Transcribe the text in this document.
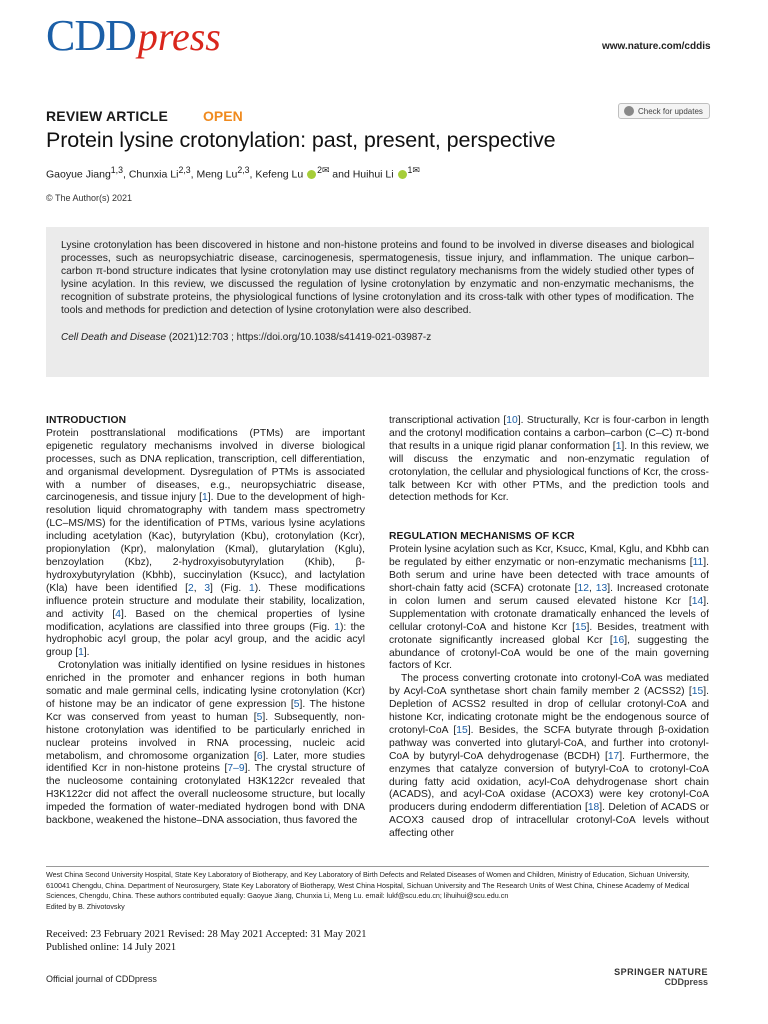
CDDpress	www.nature.com/cddis
REVIEW ARTICLE OPEN	Check for updates
Protein lysine crotonylation: past, present, perspective
Gaoyue Jiang$^{1,3}$, Chunxia Li$^{2,3}$, Meng Lu$^{2,3}$, Kefeng Lu $^{2✉}$ and Huihui Li $^{1✉}$
© The Author(s) 2021

Lysine crotonylation has been discovered in histone and non-histone proteins and found to be involved in diverse diseases and biological processes, such as neuropsychiatric disease, carcinogenesis, spermatogenesis, tissue injury, and inflammation. The unique carbon–carbon π-bond structure indicates that lysine crotonylation may use distinct regulatory mechanisms from the widely studied other types of lysine acylation. In this review, we discussed the regulation of lysine crotonylation by enzymatic and non-enzymatic mechanisms, the recognition of substrate proteins, the physiological functions of lysine crotonylation and its cross-talk with other types of modification. The tools and methods for prediction and detection of lysine crotonylation were also described.

Cell Death and Disease (2021)12:703 ; https://doi.org/10.1038/s41419-021-03987-z
INTRODUCTION

Protein posttranslational modifications (PTMs) are important epigenetic regulatory mechanisms involved in diverse biological processes, such as DNA replication, transcription, cell differentiation, and organismal development. Dysregulation of PTMs is associated with a number of diseases, e.g., neuropsychiatric disease, carcinogenesis, and tissue injury [1]. Due to the development of high-resolution liquid chromatography with tandem mass spectrometry (LC–MS/MS) for the identification of PTMs, various lysine acylations including acetylation (Kac), butyrylation (Kbu), crotonylation (Kcr), propionylation (Kpr), malonylation (Kmal), glutarylation (Kglu), benzoylation (Kbz), 2-hydroxyisobutyrylation (Khib), β-hydroxybutyrylation (Kbhb), succinylation (Ksucc), and lactylation (Kla) have been identified [2, 3] (Fig. 1). These modifications influence protein structure and modulate their stability, localization, and activity [4]. Based on the chemical properties of lysine modification, acylations are classified into three groups (Fig. 1): the hydrophobic acyl group, the polar acyl group, and the acidic acyl group [1].

Crotonylation was initially identified on lysine residues in histones enriched in the promoter and enhancer regions in both human somatic and male germinal cells, indicating lysine crotonylation (Kcr) of histone may be an indicator of gene expression [5]. The histone Kcr was conserved from yeast to human [5]. Subsequently, non-histone crotonylation was identified to be particularly enriched in nuclear proteins involved in RNA processing, nucleic acid metabolism, and chromosome organization [6]. Later, more studies identified Kcr in non-histone proteins [7–9]. The crystal structure of the nucleosome containing crotonylated H3K122cr revealed that H3K122cr did not affect the overall nucleosome structure, but locally impeded the formation of water-mediated hydrogen bond with DNA backbone, weakened the histone–DNA association, thus favored the

transcriptional activation [10]. Structurally, Kcr is four-carbon in length and the crotonyl modification contains a carbon–carbon (C–C) π-bond that results in a unique rigid planar conformation [1]. In this review, we will discuss the enzymatic and non-enzymatic regulation of crotonylation, the cellular and physiological functions of Kcr, the cross-talk between Kcr with other PTMs, and the prediction tools and detection methods for Kcr.

REGULATION MECHANISMS OF KCR

Protein lysine acylation such as Kcr, Ksucc, Kmal, Kglu, and Kbhb can be regulated by either enzymatic or non-enzymatic mechanisms [11]. Both serum and urine have been detected with trace amounts of short-chain fatty acid (SCFA) crotonate [12, 13]. Increased crotonate in colon lumen and serum caused elevated histone Kcr [14]. Supplementation with crotonate dramatically enhanced the levels of cellular crotonyl-CoA and histone Kcr [15]. Besides, treatment with crotonate significantly increased global Kcr [16], suggesting the abundance of crotonyl-CoA would be one of the main governing factors of Kcr.

The process converting crotonate into crotonyl-CoA was mediated by Acyl-CoA synthetase short chain family member 2 (ACSS2) [15]. Depletion of ACSS2 resulted in drop of cellular crotonyl-CoA and histone Kcr, indicating crotonate might be the endogenous source of crotonyl-CoA [15]. Besides, the SCFA butyrate through β-oxidation pathway was converted into glutaryl-CoA, and further into crotonyl-CoA by butyryl-CoA dehydrogenase (BCDH) [17]. Furthermore, the enzymes that catalyze conversion of butyryl-CoA to crotonyl-CoA during fatty acid oxidation, acyl-CoA dehydrogenase short chain (ACADS), and acyl-CoA oxidase (ACOX3) were key crotonyl-CoA producers during endoderm differentiation [18]. Deletion of ACADS or ACOX3 caused drop of intracellular crotonyl-CoA levels without affecting other

West China Second University Hospital, State Key Laboratory of Biotherapy, and Key Laboratory of Birth Defects and Related Diseases of Women and Children, Ministry of Education, Sichuan University, 610041 Chengdu, China. Department of Neurosurgery, State Key Laboratory of Biotherapy, West China Hospital, Sichuan University and The Research Units of West China, Chinese Academy of Medical Sciences, Chengdu, China. These authors contributed equally: Gaoyue Jiang, Chunxia Li, Meng Lu. email: lukf@scu.edu.cn; lihuihui@scu.edu.cn
Edited by B. Zhivotovsky
Received: 23 February 2021 Revised: 28 May 2021 Accepted: 31 May 2021
Published online: 14 July 2021
Official journal of CDDpress
SPRINGER NATURE
CDDpress
